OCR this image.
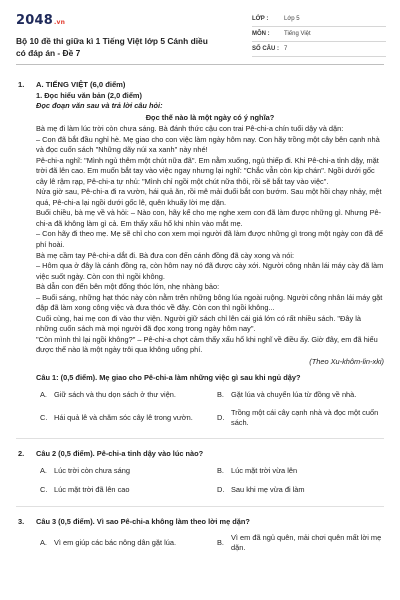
2048.vn
Bộ 10 đề thi giữa kì 1 Tiếng Việt lớp 5 Cánh diều có đáp án - Đề 7
LỚP :	Lớp 5
MÔN :	Tiếng Việt
SỐ CÂU : 7
1.	A. TIẾNG VIỆT (6,0 điểm)
1. Đọc hiểu văn bản (2,0 điểm)
Đọc đoạn văn sau và trả lời câu hỏi:
Đọc thế nào là một ngày có ý nghĩa?

Bà mẹ đi làm lúc trời còn chưa sáng. Bà đánh thức cậu con trai Pê-chi-a chín tuổi dậy và dặn:

– Con đã bắt đầu nghỉ hè. Mẹ giao cho con việc làm ngày hôm nay. Con hãy trồng một cây bên cạnh nhà và đọc cuốn sách "Những dãy núi xa xanh" này nhé!

Pê-chi-a nghĩ: "Mình ngủ thêm một chút nữa đã". Em nằm xuống, ngủ thiếp đi. Khi Pê-chi-a tỉnh dậy, mặt trời đã lên cao. Em muốn bắt tay vào việc ngay nhưng lại nghĩ: "Chắc vẫn còn kịp chán". Ngồi dưới gốc cây lê rậm rạp, Pê-chi-a tự nhủ: "Mình chỉ ngồi một chút nữa thôi, rồi sẽ bắt tay vào việc".

Nửa giờ sau, Pê-chi-a đi ra vườn, hái quả ăn, rồi mê mải đuổi bắt con bướm. Sau một hồi chạy nhảy, mệt quá, Pê-chi-a lại ngồi dưới gốc lê, quên khuấy lời mẹ dặn.

Buổi chiều, bà mẹ về và hỏi: – Nào con, hãy kể cho mẹ nghe xem con đã làm được những gì. Nhưng Pê-chi-a đã không làm gì cả. Em thấy xấu hổ khi nhìn vào mắt mẹ.

– Con hãy đi theo mẹ. Mẹ sẽ chỉ cho con xem mọi người đã làm được những gì trong một ngày con đã để phí hoài.

Bà mẹ cầm tay Pê-chi-a dắt đi. Bà đưa con đến cánh đồng đã cày xong và nói:

– Hôm qua ở đây là cánh đồng rạ, còn hôm nay nó đã được cày xới. Người công nhân lái máy cày đã làm việc suốt ngày. Còn con thì ngồi không.

Bà dẫn con đến bên một đống thóc lớn, nhẹ nhàng bảo:

– Buổi sáng, những hạt thóc này còn nằm trên những bông lúa ngoài ruộng. Người công nhân lái máy gặt đập đã làm xong công việc và đưa thóc về đây. Còn con thì ngồi không...

Cuối cùng, hai mẹ con đi vào thư viện. Người giữ sách chỉ lên cái giá lớn có rất nhiều sách. "Đây là những cuốn sách mà mọi người đã đọc xong trong ngày hôm nay".

"Còn mình thì lại ngồi không?" – Pê-chi-a chợt cảm thấy xấu hổ khi nghĩ về điều ấy. Giờ đây, em đã hiểu được thế nào là một ngày trôi qua không uổng phí.

(Theo Xu-khôm-lin-xki)
Câu 1: (0,5 điểm). Mẹ giao cho Pê-chi-a làm những việc gì sau khi ngủ dậy?
A. Giữ sách và thu dọn sách ở thư viện.	B. Gặt lúa và chuyển lúa từ đồng về nhà.
C. Hái quả lê và chăm sóc cây lê trong vườn.	D.
Trồng một cái cây cạnh nhà và đọc một cuốn sách.
2.	Câu 2 (0,5 điểm). Pê-chi-a tỉnh dậy vào lúc nào?
A. Lúc trời còn chưa sáng	B. Lúc mặt trời vừa lên
C. Lúc mặt trời đã lên cao	D. Sau khi mẹ vừa đi làm
3.	Câu 3 (0,5 điểm). Vì sao Pê-chi-a không làm theo lời mẹ dặn?
A. Vì em giúp các bác nông dân gặt lúa.	B.
Vì em đã ngủ quên, mải chơi quên mất lời mẹ dặn.
